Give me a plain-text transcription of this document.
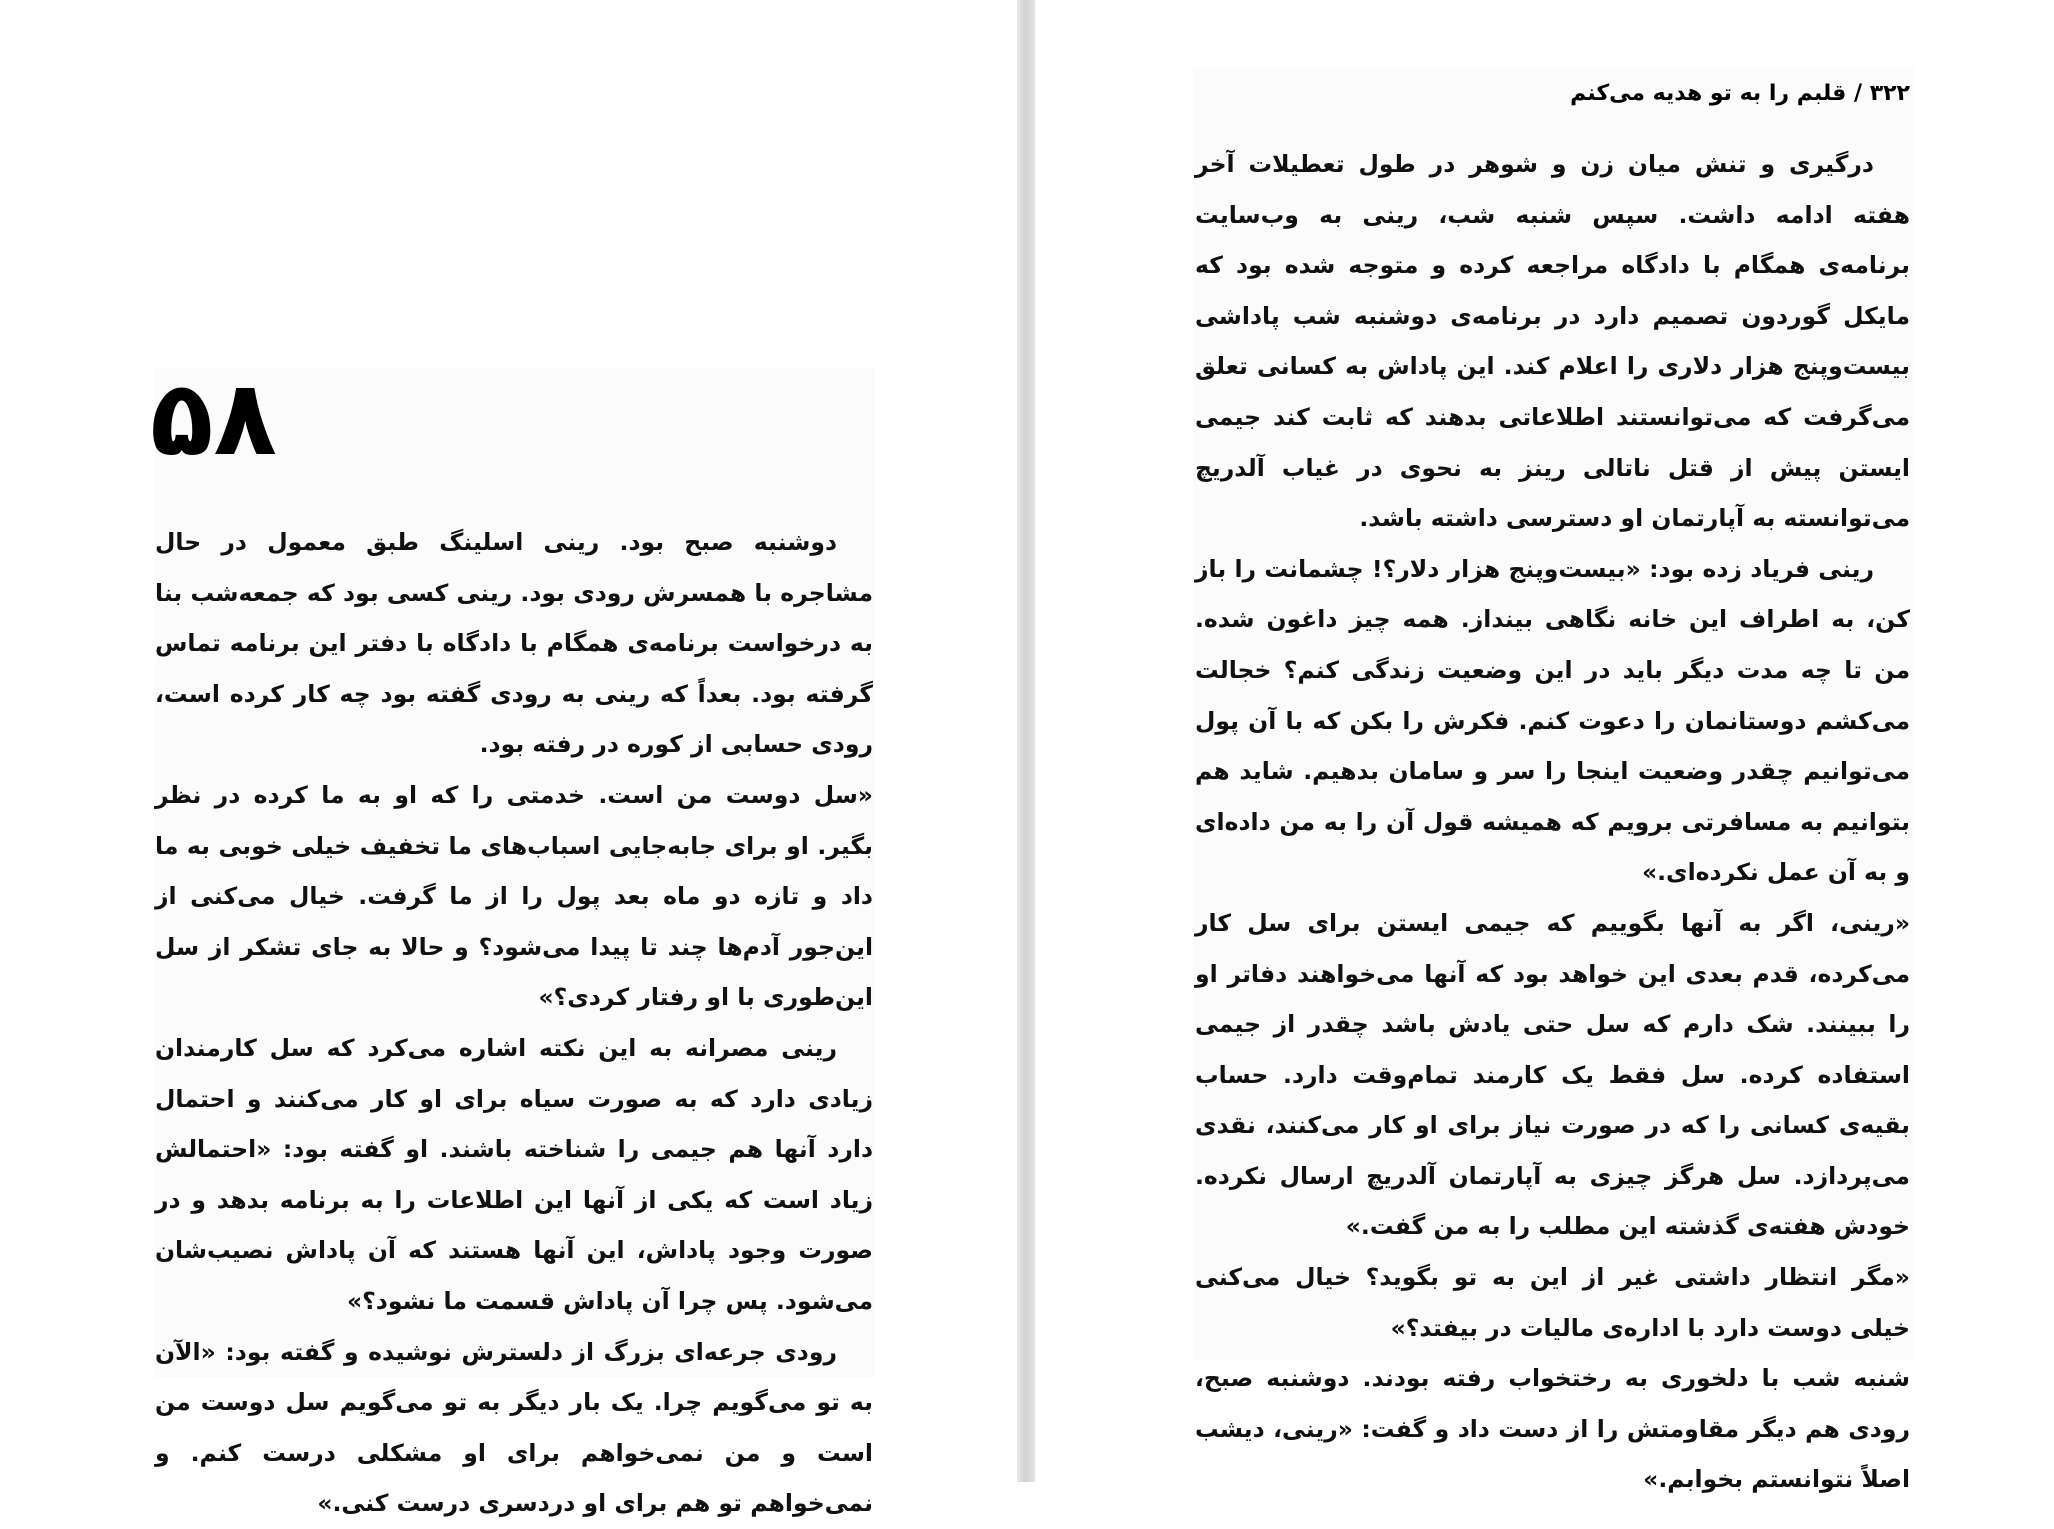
۵۸

دوشنبه صبح بود. رینی اسلینگ طبق معمول در حال مشاجره با همسرش رودی بود. رینی کسی بود که جمعه‌شب بنا به درخواست برنامه‌ی همگام با دادگاه با دفتر این برنامه تماس گرفته بود. بعداً که رینی به رودی گفته بود چه کار کرده است، رودی حسابی از کوره در رفته بود.

«سل دوست من است. خدمتی را که او به ما کرده در نظر بگیر. او برای جابه‌جایی اسباب‌های ما تخفیف خیلی خوبی به ما داد و تازه دو ماه بعد پول را از ما گرفت. خیال می‌کنی از این‌جور آدم‌ها چند تا پیدا می‌شود؟ و حالا به جای تشکر از سل این‌طوری با او رفتار کردی؟»

رینی مصرانه به این نکته اشاره می‌کرد که سل کارمندان زیادی دارد که به صورت سیاه برای او کار می‌کنند و احتمال دارد آنها هم جیمی را شناخته باشند. او گفته بود: «احتمالش زیاد است که یکی از آنها این اطلاعات را به برنامه بدهد و در صورت وجود پاداش، این آنها هستند که آن پاداش نصیب‌شان می‌شود. پس چرا آن پاداش قسمت ما نشود؟»

رودی جرعه‌ای بزرگ از دلسترش نوشیده و گفته بود: «الآن به تو می‌گویم چرا. یک بار دیگر به تو می‌گویم سل دوست من است و من نمی‌خواهم برای او مشکلی درست کنم. و نمی‌خواهم تو هم برای او دردسری درست کنی.»

۳۲۲ / قلبم را به تو هدیه می‌کنم

درگیری و تنش میان زن و شوهر در طول تعطیلات آخر هفته ادامه داشت. سپس شنبه شب، رینی به وب‌سایت برنامه‌ی همگام با دادگاه مراجعه کرده و متوجه شده بود که مایکل گوردون تصمیم دارد در برنامه‌ی دوشنبه شب پاداشی بیست‌وپنج هزار دلاری را اعلام کند. این پاداش به کسانی تعلق می‌گرفت که می‌توانستند اطلاعاتی بدهند که ثابت کند جیمی ایستن پیش از قتل ناتالی رینز به نحوی در غیاب آلدریچ می‌توانسته به آپارتمان او دسترسی داشته باشد.

رینی فریاد زده بود: «بیست‌وپنج هزار دلار؟! چشمانت را باز کن، به اطراف این خانه نگاهی بینداز. همه چیز داغون شده. من تا چه مدت دیگر باید در این وضعیت زندگی کنم؟ خجالت می‌کشم دوستانمان را دعوت کنم. فکرش را بکن که با آن پول می‌توانیم چقدر وضعیت اینجا را سر و سامان بدهیم. شاید هم بتوانیم به مسافرتی برویم که همیشه قول آن را به من داده‌ای و به آن عمل نکرده‌ای.»

«رینی، اگر به آنها بگوییم که جیمی ایستن برای سل کار می‌کرده، قدم بعدی این خواهد بود که آنها می‌خواهند دفاتر او را ببینند. شک دارم که سل حتی یادش باشد چقدر از جیمی استفاده کرده. سل فقط یک کارمند تمام‌وقت دارد. حساب بقیه‌ی کسانی را که در صورت نیاز برای او کار می‌کنند، نقدی می‌پردازد. سل هرگز چیزی به آپارتمان آلدریچ ارسال نکرده. خودش هفته‌ی گذشته این مطلب را به من گفت.»

«مگر انتظار داشتی غیر از این به تو بگوید؟ خیال می‌کنی خیلی دوست دارد با اداره‌ی مالیات در بیفتد؟»

شنبه شب با دلخوری به رختخواب رفته بودند. دوشنبه صبح، رودی هم دیگر مقاومتش را از دست داد و گفت: «رینی، دیشب اصلاً نتوانستم بخوابم.»
